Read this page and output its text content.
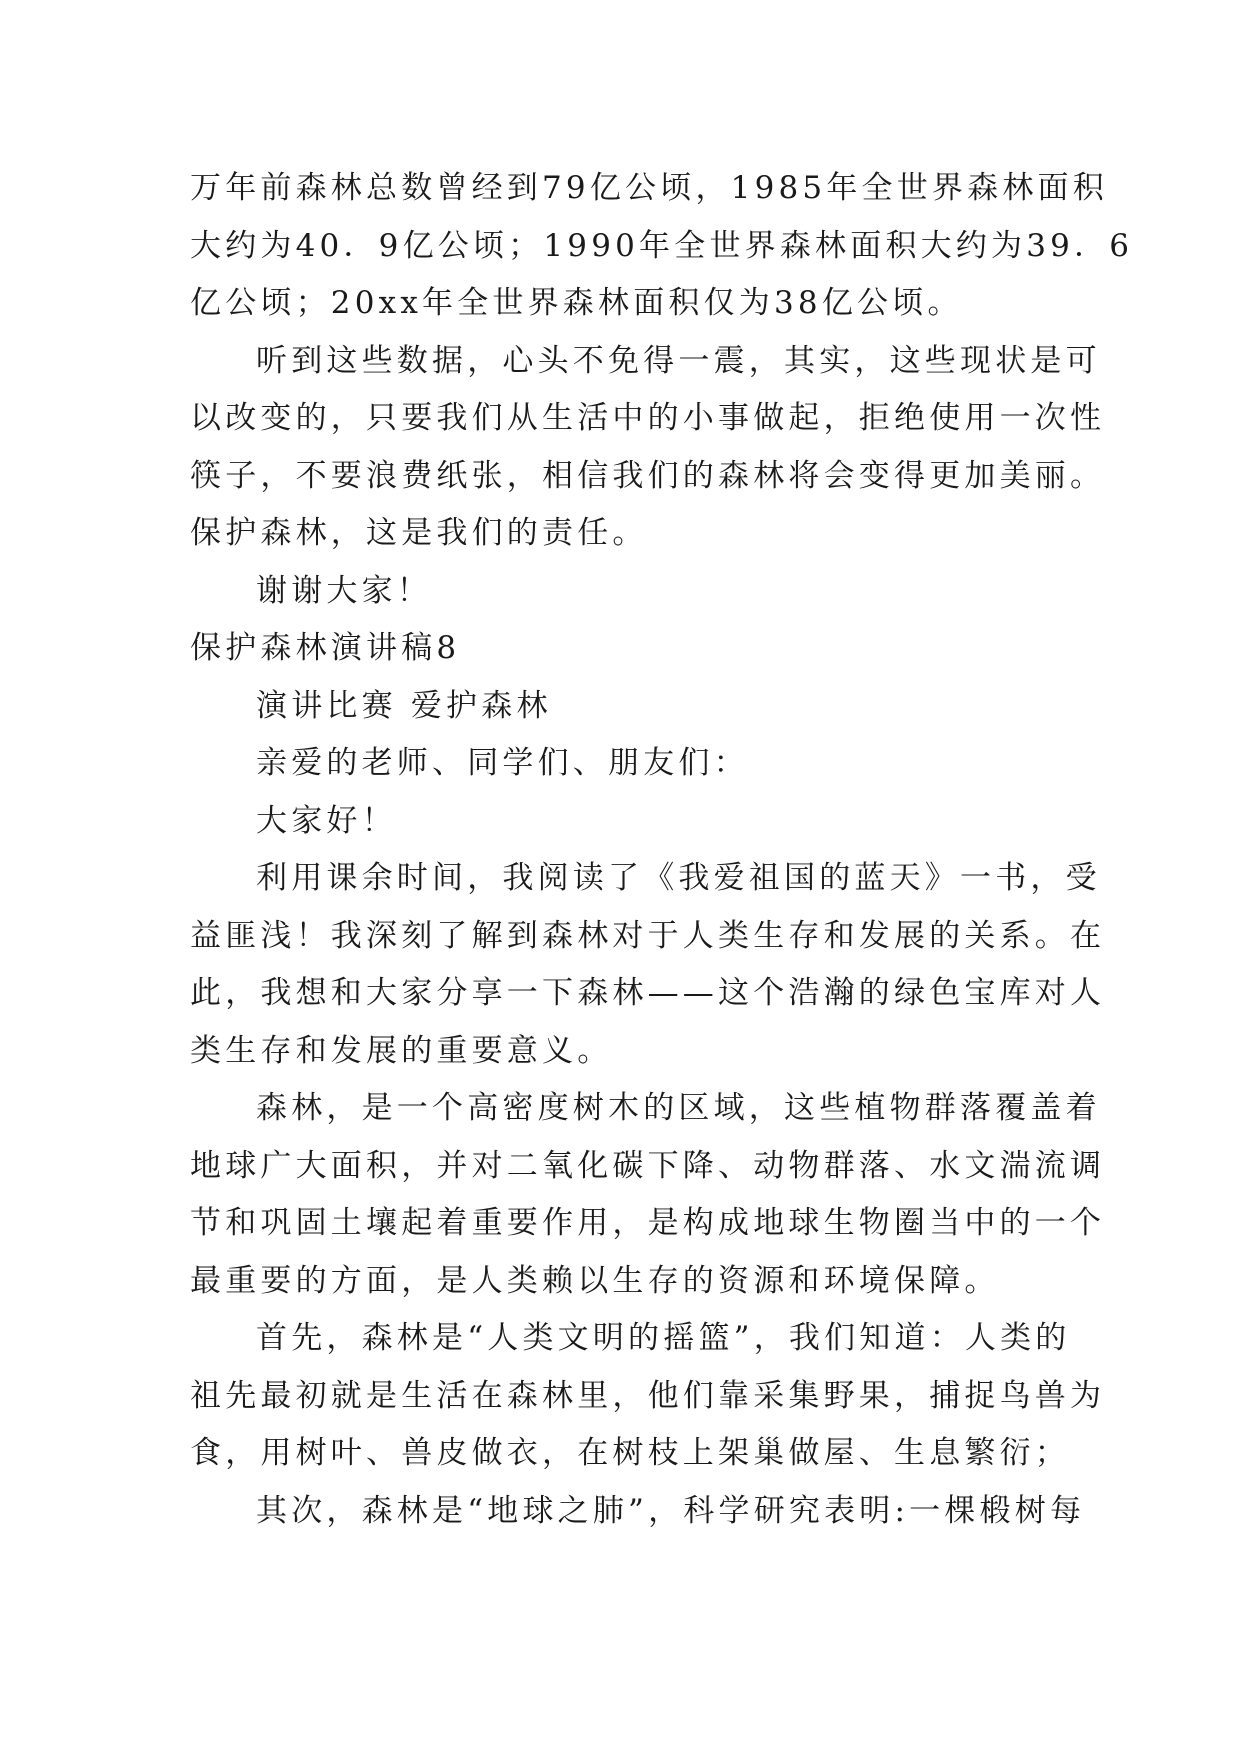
万年前森林总数曾经到79亿公顷，1985年全世界森林面积
大约为40．9亿公顷；1990年全世界森林面积大约为39．6
亿公顷；20xx年全世界森林面积仅为38亿公顷。
听到这些数据，心头不免得一震，其实，这些现状是可
以改变的，只要我们从生活中的小事做起，拒绝使用一次性
筷子，不要浪费纸张，相信我们的森林将会变得更加美丽。
保护森林，这是我们的责任。
谢谢大家！
保护森林演讲稿8
演讲比赛 爱护森林
亲爱的老师、同学们、朋友们：
大家好！
利用课余时间，我阅读了《我爱祖国的蓝天》一书，受
益匪浅！我深刻了解到森林对于人类生存和发展的关系。在
此，我想和大家分享一下森林——这个浩瀚的绿色宝库对人
类生存和发展的重要意义。
森林，是一个高密度树木的区域，这些植物群落覆盖着
地球广大面积，并对二氧化碳下降、动物群落、水文湍流调
节和巩固土壤起着重要作用，是构成地球生物圈当中的一个
最重要的方面，是人类赖以生存的资源和环境保障。
首先，森林是“人类文明的摇篮”，我们知道：人类的
祖先最初就是生活在森林里，他们靠采集野果，捕捉鸟兽为
食，用树叶、兽皮做衣，在树枝上架巢做屋、生息繁衍；
其次，森林是“地球之肺”，科学研究表明:一棵椴树每
